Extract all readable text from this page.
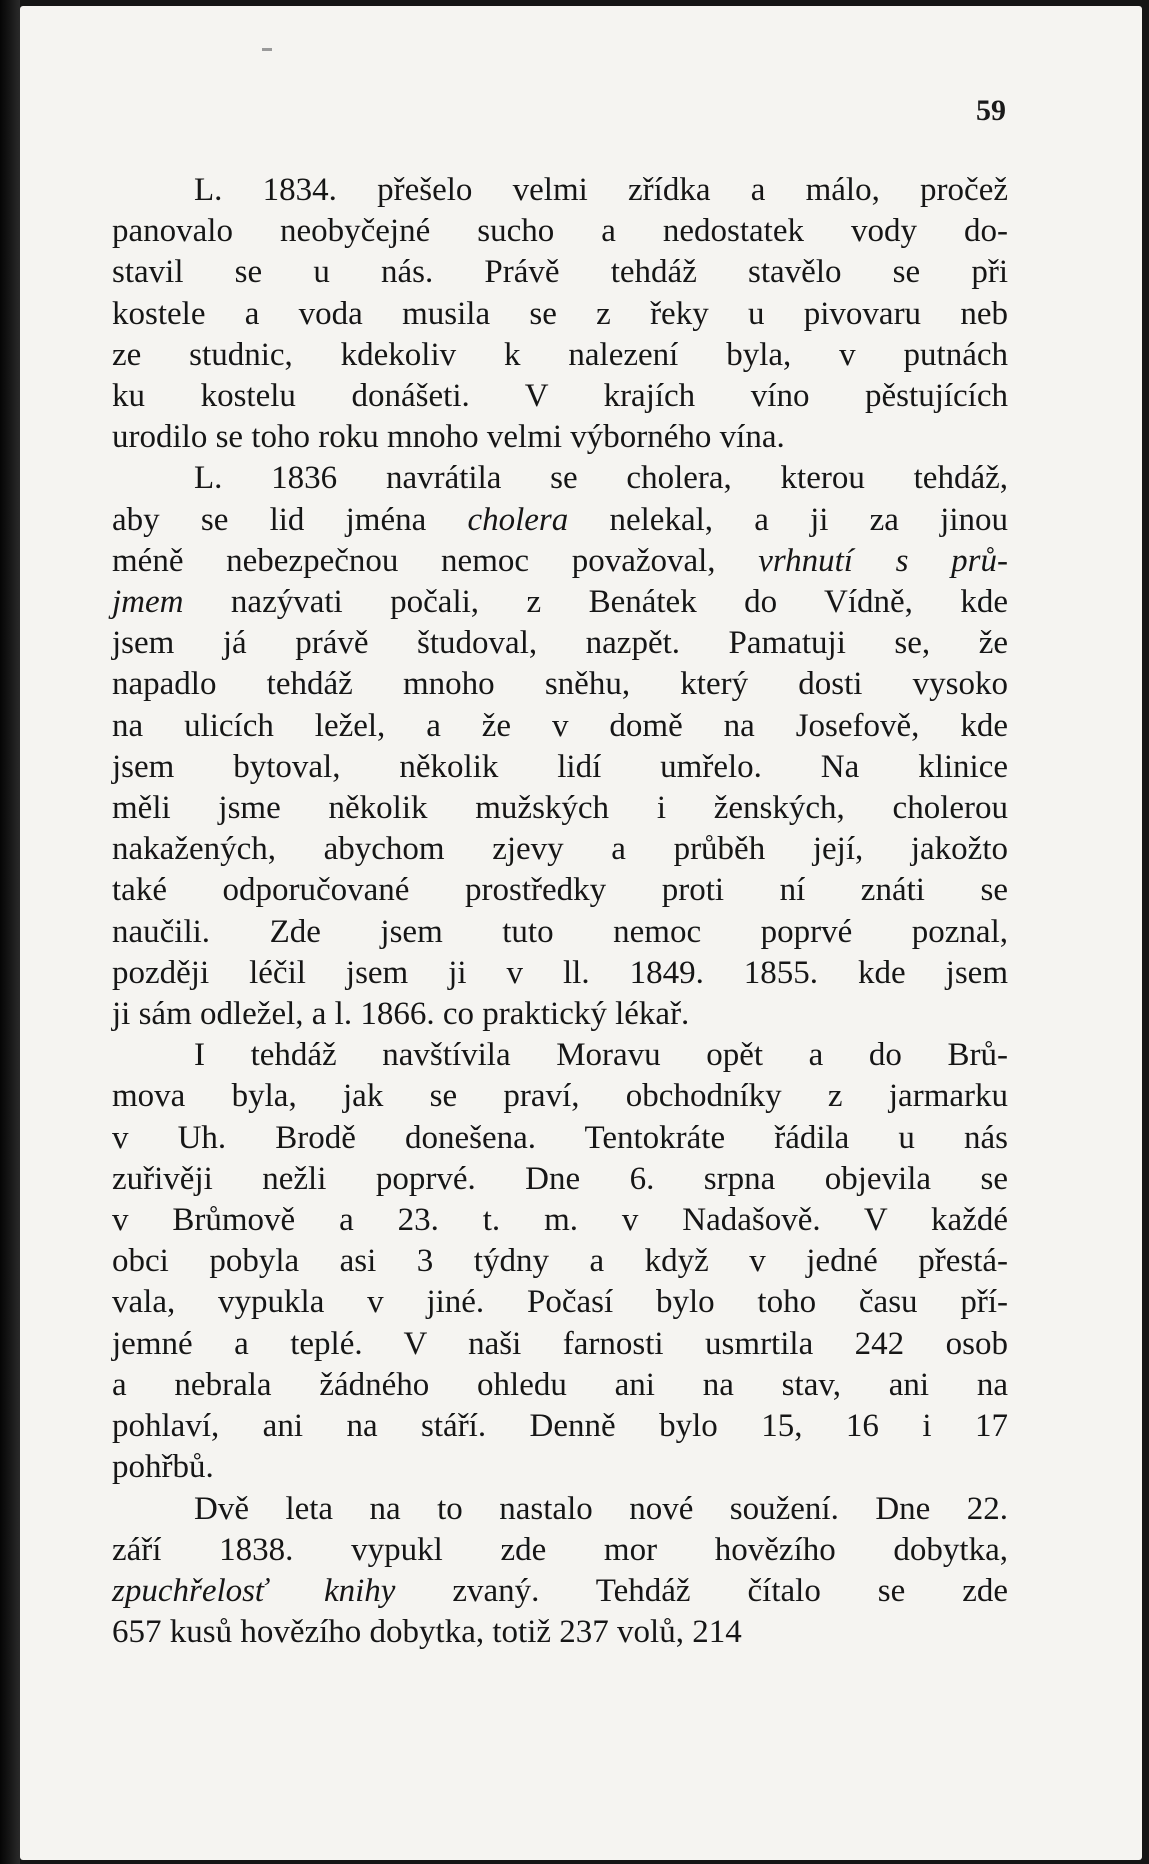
59
L. 1834. přešelo velmi zřídka a málo, pročež
panovalo neobyčejné sucho a nedostatek vody do-
stavil se u nás. Právě tehdáž stavělo se při
kostele a voda musila se z řeky u pivovaru neb
ze studnic, kdekoliv k nalezení byla, v putnách
ku kostelu donášeti. V krajích víno pěstujících
urodilo se toho roku mnoho velmi výborného vína.
L. 1836 navrátila se cholera, kterou tehdáž,
aby se lid jména cholera nelekal, a ji za jinou
méně nebezpečnou nemoc považoval, vrhnutí s prů-
jmem nazývati počali, z Benátek do Vídně, kde
jsem já právě študoval, nazpět. Pamatuji se, že
napadlo tehdáž mnoho sněhu, který dosti vysoko
na ulicích ležel, a že v domě na Josefově, kde
jsem bytoval, několik lidí umřelo. Na klinice
měli jsme několik mužských i ženských, cholerou
nakažených, abychom zjevy a průběh její, jakožto
také odporučované prostředky proti ní znáti se
naučili. Zde jsem tuto nemoc poprvé poznal,
později léčil jsem ji v ll. 1849. 1855. kde jsem
ji sám odležel, a l. 1866. co praktický lékař.
I tehdáž navštívila Moravu opět a do Brů-
mova byla, jak se praví, obchodníky z jarmarku
v Uh. Brodě donešena. Tentokráte řádila u nás
zuřivěji nežli poprvé. Dne 6. srpna objevila se
v Brůmově a 23. t. m. v Nadašově. V každé
obci pobyla asi 3 týdny a když v jedné přestá-
vala, vypukla v jiné. Počasí bylo toho času pří-
jemné a teplé. V naši farnosti usmrtila 242 osob
a nebrala žádného ohledu ani na stav, ani na
pohlaví, ani na stáří. Denně bylo 15, 16 i 17
pohřbů.
Dvě leta na to nastalo nové soužení. Dne 22.
září 1838. vypukl zde mor hovězího dobytka,
zpuchřelosť knihy zvaný. Tehdáž čítalo se zde
657 kusů hovězího dobytka, totiž 237 volů, 214
